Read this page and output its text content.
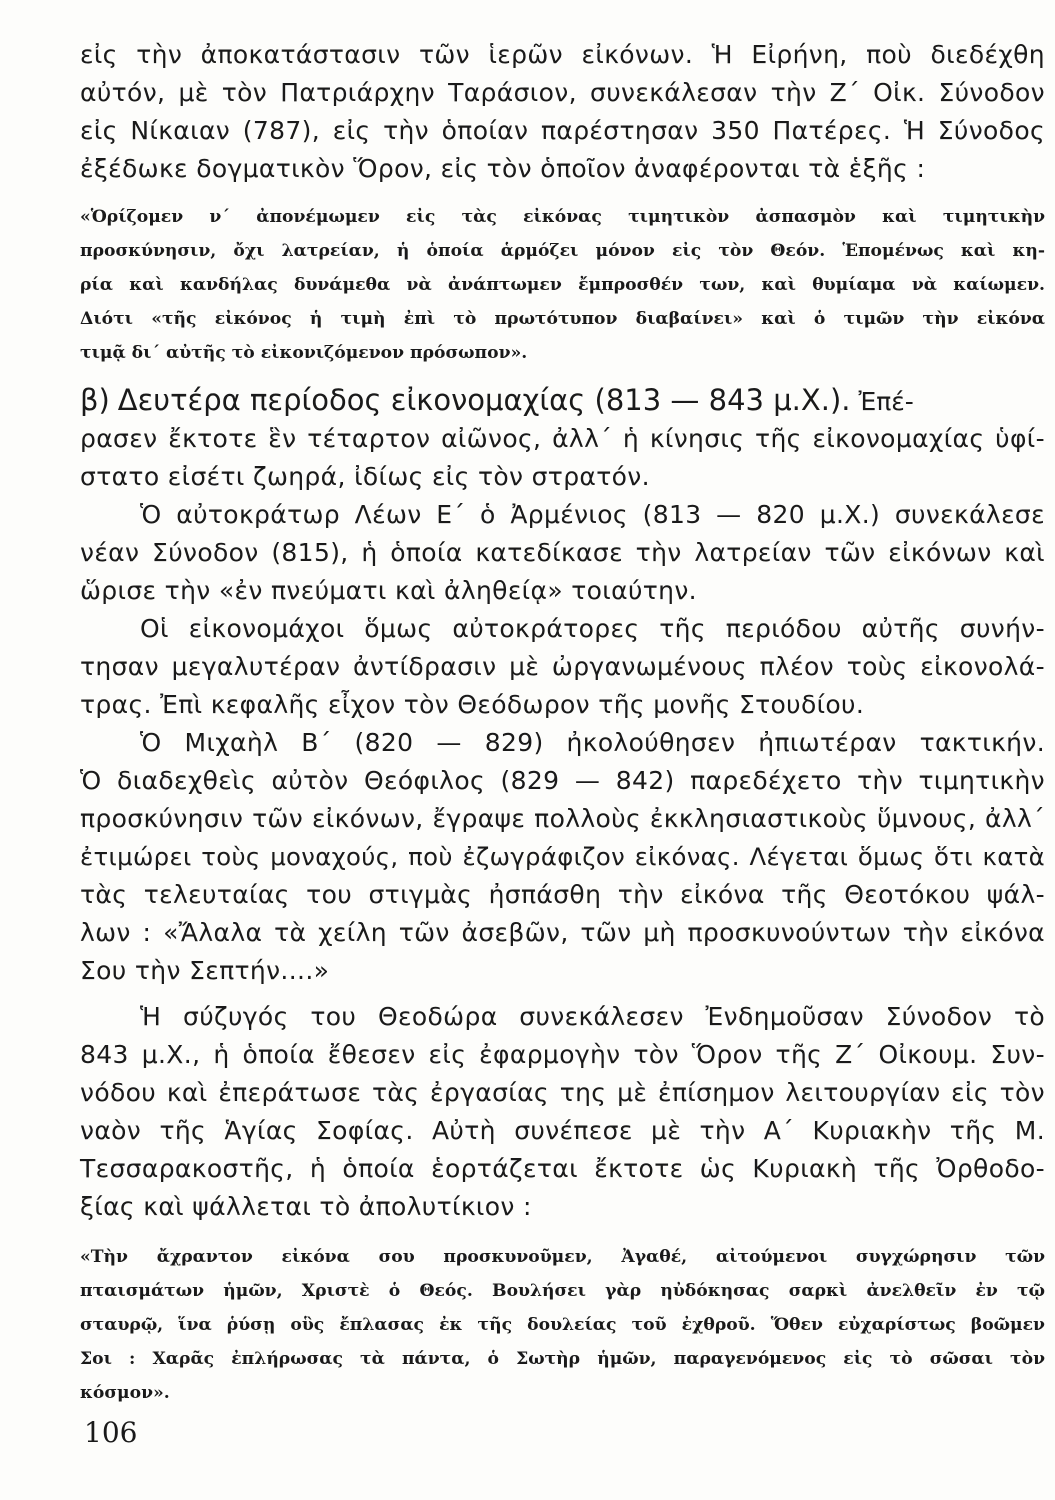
εἰς τὴν ἀποκατάστασιν τῶν ἱερῶν εἰκόνων. Ἡ Εἰρήνη, ποὺ διεδέχθη
αὐτόν, μὲ τὸν Πατριάρχην Ταράσιον, συνεκάλεσαν τὴν Ζ΄ Οἰκ. Σύνοδον
εἰς Νίκαιαν (787), εἰς τὴν ὁποίαν παρέστησαν 350 Πατέρες. Ἡ Σύνοδος
ἐξέδωκε δογματικὸν Ὅρον, εἰς τὸν ὁποῖον ἀναφέρονται τὰ ἑξῆς :
«Ὁρίζομεν ν΄ ἀπονέμωμεν εἰς τὰς εἰκόνας τιμητικὸν ἀσπασμὸν καὶ τιμητικὴν
προσκύνησιν, ὄχι λατρείαν, ἡ ὁποία ἁρμόζει μόνον εἰς τὸν Θεόν. Ἑπομένως καὶ κη-
ρία καὶ κανδήλας δυνάμεθα νὰ ἀνάπτωμεν ἔμπροσθέν των, καὶ θυμίαμα νὰ καίωμεν.
Διότι «τῆς εἰκόνος ἡ τιμὴ ἐπὶ τὸ πρωτότυπον διαβαίνει» καὶ ὁ τιμῶν τὴν εἰκόνα
τιμᾷ δι΄ αὐτῆς τὸ εἰκονιζόμενον πρόσωπον».
β) Δευτέρα περίοδος εἰκονομαχίας (813 — 843 μ.Χ.). Ἐπέ-
ρασεν ἔκτοτε ἓν τέταρτον αἰῶνος, ἀλλ΄ ἡ κίνησις τῆς εἰκονομαχίας ὑφί-
στατο εἰσέτι ζωηρά, ἰδίως εἰς τὸν στρατόν.
Ὁ αὐτοκράτωρ Λέων Ε΄ ὁ Ἀρμένιος (813 — 820 μ.Χ.) συνεκάλεσε
νέαν Σύνοδον (815), ἡ ὁποία κατεδίκασε τὴν λατρείαν τῶν εἰκόνων καὶ
ὥρισε τὴν «ἐν πνεύματι καὶ ἀληθείᾳ» τοιαύτην.
Οἱ εἰκονομάχοι ὅμως αὐτοκράτορες τῆς περιόδου αὐτῆς συνήν-
τησαν μεγαλυτέραν ἀντίδρασιν μὲ ὠργανωμένους πλέον τοὺς εἰκονολά-
τρας. Ἐπὶ κεφαλῆς εἶχον τὸν Θεόδωρον τῆς μονῆς Στουδίου.
Ὁ Μιχαὴλ Β΄ (820 — 829) ἠκολούθησεν ἠπιωτέραν τακτικήν.
Ὁ διαδεχθεὶς αὐτὸν Θεόφιλος (829 — 842) παρεδέχετο τὴν τιμητικὴν
προσκύνησιν τῶν εἰκόνων, ἔγραψε πολλοὺς ἐκκλησιαστικοὺς ὕμνους, ἀλλ΄
ἐτιμώρει τοὺς μοναχούς, ποὺ ἐζωγράφιζον εἰκόνας. Λέγεται ὅμως ὅτι κατὰ
τὰς τελευταίας του στιγμὰς ἠσπάσθη τὴν εἰκόνα τῆς Θεοτόκου ψάλ-
λων : «Ἄλαλα τὰ χείλη τῶν ἀσεβῶν, τῶν μὴ προσκυνούντων τὴν εἰκόνα
Σου τὴν Σεπτήν....»
Ἡ σύζυγός του Θεοδώρα συνεκάλεσεν Ἐνδημοῦσαν Σύνοδον τὸ
843 μ.Χ., ἡ ὁποία ἔθεσεν εἰς ἐφαρμογὴν τὸν Ὅρον τῆς Ζ΄ Οἰκουμ. Συν-
νόδου καὶ ἐπεράτωσε τὰς ἐργασίας της μὲ ἐπίσημον λειτουργίαν εἰς τὸν
ναὸν τῆς Ἁγίας Σοφίας. Αὐτὴ συνέπεσε μὲ τὴν Α΄ Κυριακὴν τῆς Μ.
Τεσσαρακοστῆς, ἡ ὁποία ἑορτάζεται ἔκτοτε ὡς Κυριακὴ τῆς Ὀρθοδο-
ξίας καὶ ψάλλεται τὸ ἀπολυτίκιον :
«Τὴν ἄχραντον εἰκόνα σου προσκυνοῦμεν, Ἀγαθέ, αἰτούμενοι συγχώρησιν τῶν
πταισμάτων ἡμῶν, Χριστὲ ὁ Θεός. Βουλήσει γὰρ ηὐδόκησας σαρκὶ ἀνελθεῖν ἐν τῷ
σταυρῷ, ἵνα ῥύσῃ οὓς ἔπλασας ἐκ τῆς δουλείας τοῦ ἐχθροῦ. Ὅθεν εὐχαρίστως βοῶμεν
Σοι : Χαρᾶς ἐπλήρωσας τὰ πάντα, ὁ Σωτὴρ ἡμῶν, παραγενόμενος εἰς τὸ σῶσαι τὸν
κόσμον».
106
